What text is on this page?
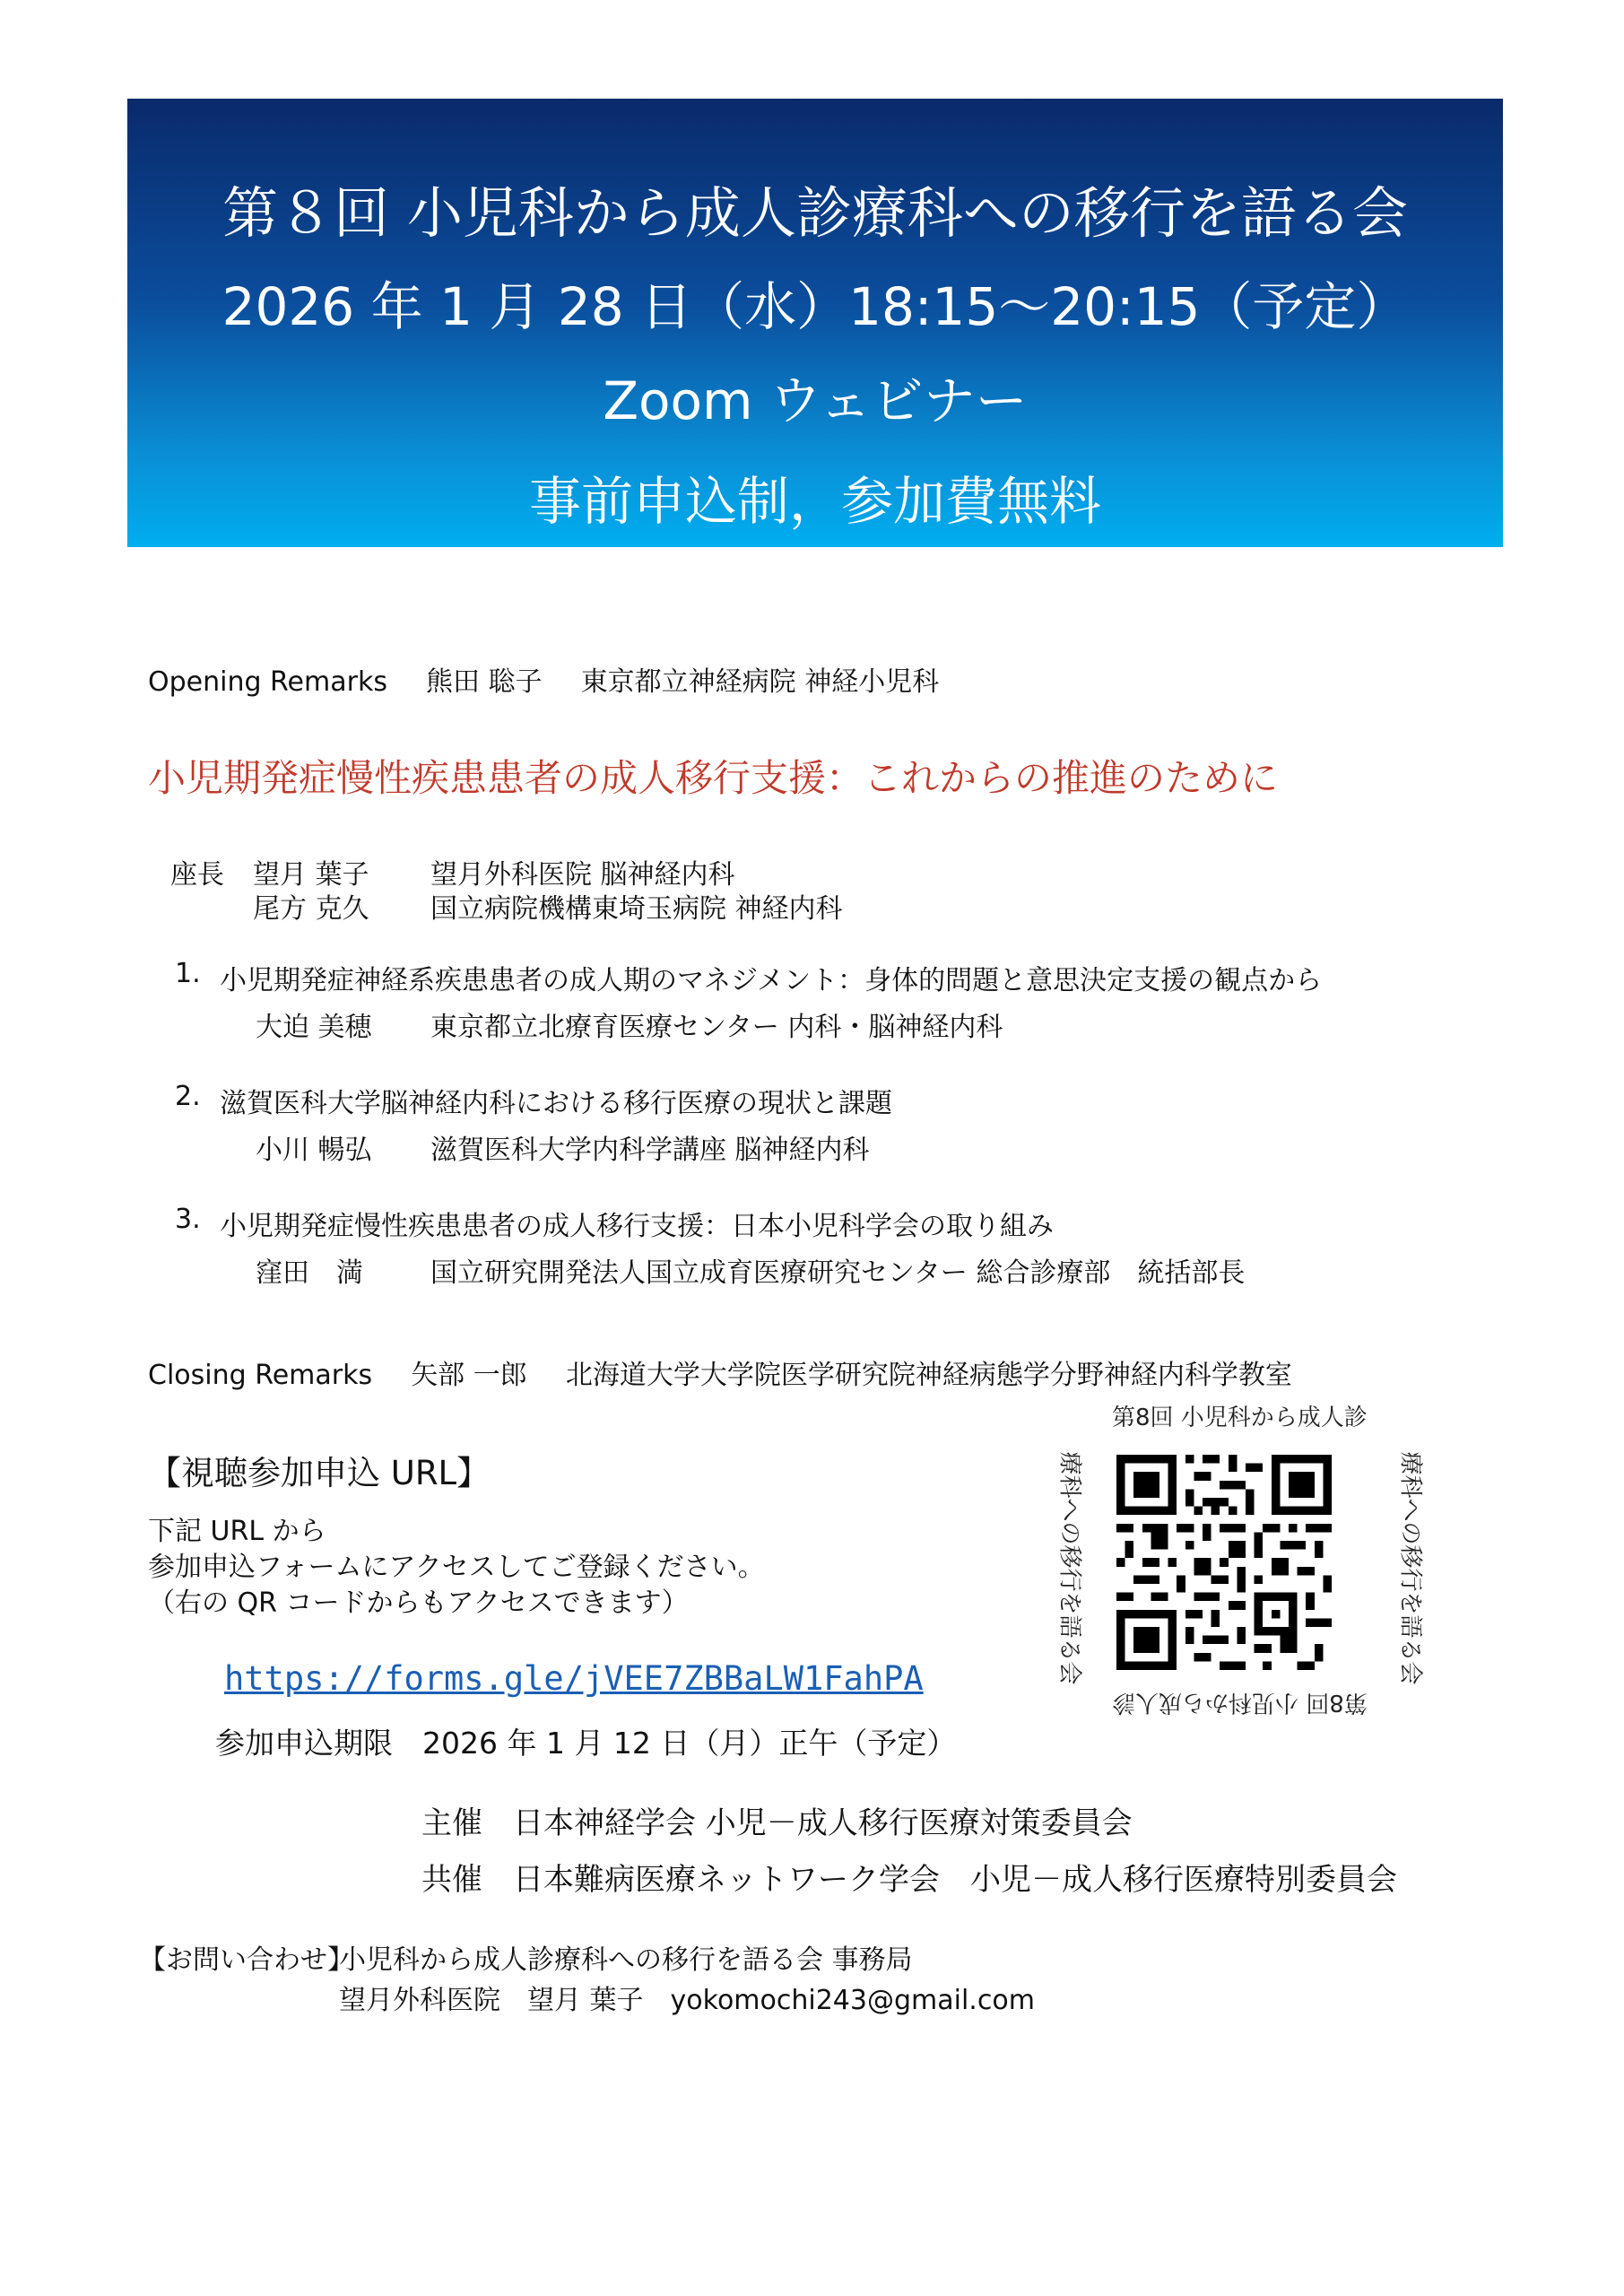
第８回 小児科から成人診療科への移行を語る会
2026 年 1 月 28 日（水）18:15～20:15（予定）
Zoom ウェビナー
事前申込制，参加費無料
Opening Remarks 熊田 聡子 東京都立神経病院 神経小児科
小児期発症慢性疾患患者の成人移行支援：これからの推進のために
座長 望月 葉子 望月外科医院 脳神経内科
尾方 克久 国立病院機構東埼玉病院 神経内科
1. 小児期発症神経系疾患患者の成人期のマネジメント：身体的問題と意思決定支援の観点から
大迫 美穂 東京都立北療育医療センター 内科・脳神経内科
2. 滋賀医科大学脳神経内科における移行医療の現状と課題
小川 暢弘 滋賀医科大学内科学講座 脳神経内科
3. 小児期発症慢性疾患患者の成人移行支援：日本小児科学会の取り組み
窪田　満	国立研究開発法人国立成育医療研究センター 総合診療部　統括部長
Closing Remarks 矢部 一郎 北海道大学大学院医学研究院神経病態学分野神経内科学教室
【視聴参加申込 URL】
下記 URL から
参加申込フォームにアクセスしてご登録ください。
（右の QR コードからもアクセスできます）
https://forms.gle/jVEE7ZBBaLW1FahPA
参加申込期限　2026 年 1 月 12 日（月）正午（予定）
第8回 小児科から成人診
療科への移行を語る会
療科への移行を語る会
第8回 小児科から成人診
主催　日本神経学会 小児－成人移行医療対策委員会
共催　日本難病医療ネットワーク学会　小児－成人移行医療特別委員会
【お問い合わせ】
小児科から成人診療科への移行を語る会 事務局
望月外科医院　望月 葉子　yokomochi243@gmail.com
